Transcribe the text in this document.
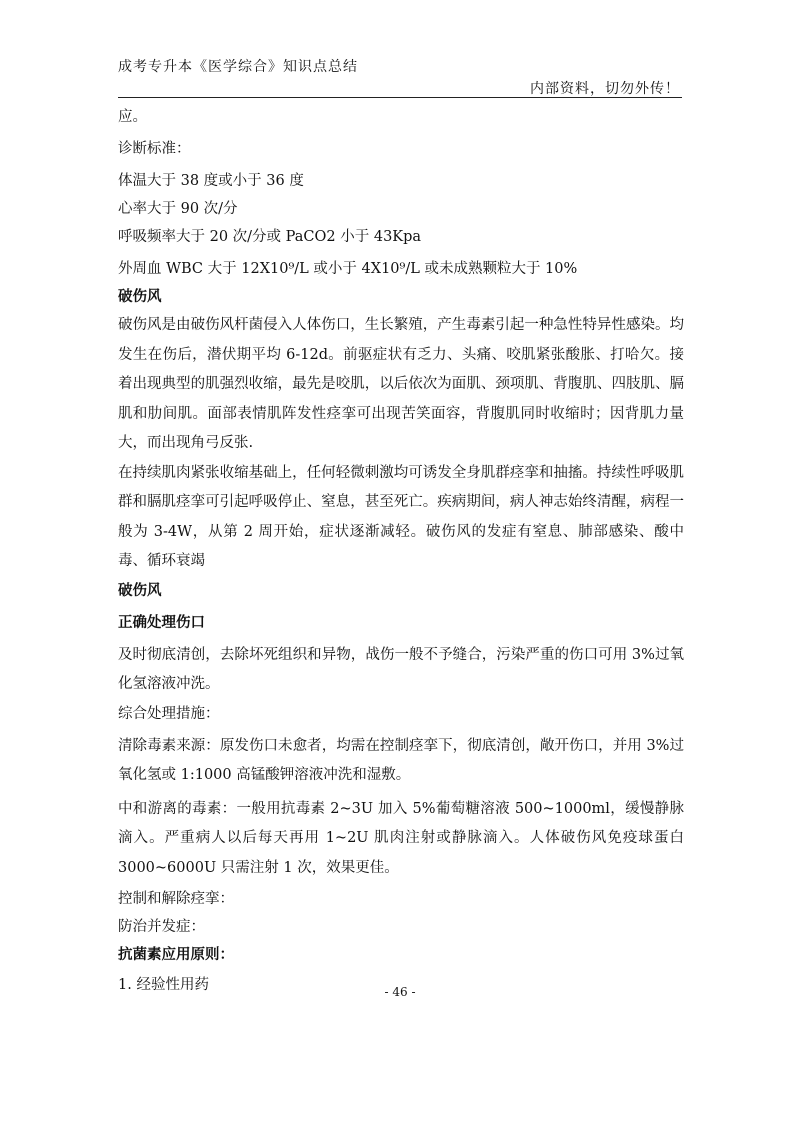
成考专升本《医学综合》知识点总结
内部资料，切勿外传！

应。

诊断标准：

体温大于 38 度或小于 36 度

心率大于 90 次/分

呼吸频率大于 20 次/分或 PaCO2 小于 43Kpa

外周血 WBC 大于 12X10⁹/L 或小于 4X10⁹/L 或未成熟颗粒大于 10%

破伤风

破伤风是由破伤风杆菌侵入人体伤口，生长繁殖，产生毒素引起一种急性特异性感染。均发生在伤后，潜伏期平均 6-12d。前驱症状有乏力、头痛、咬肌紧张酸胀、打哈欠。接着出现典型的肌强烈收缩，最先是咬肌，以后依次为面肌、颈项肌、背腹肌、四肢肌、膈肌和肋间肌。面部表情肌阵发性痉挛可出现苦笑面容，背腹肌同时收缩时；因背肌力量大，而出现角弓反张.

在持续肌肉紧张收缩基础上，任何轻微刺激均可诱发全身肌群痉挛和抽搐。持续性呼吸肌群和膈肌痉挛可引起呼吸停止、窒息，甚至死亡。疾病期间，病人神志始终清醒，病程一般为 3-4W，从第 2 周开始，症状逐渐减轻。破伤风的发症有窒息、肺部感染、酸中毒、循环衰竭

破伤风

正确处理伤口

及时彻底清创，去除坏死组织和异物，战伤一般不予缝合，污染严重的伤口可用 3%过氧化氢溶液冲洗。

综合处理措施：

清除毒素来源：原发伤口未愈者，均需在控制痉挛下，彻底清创，敞开伤口，并用 3%过氧化氢或 1:1000 高锰酸钾溶液冲洗和湿敷。

中和游离的毒素：一般用抗毒素 2~3U 加入 5%葡萄糖溶液 500~1000ml，缓慢静脉滴入。严重病人以后每天再用 1~2U 肌肉注射或静脉滴入。人体破伤风免疫球蛋白 3000~6000U 只需注射 1 次，效果更佳。

控制和解除痉挛：

防治并发症：

抗菌素应用原则：

1. 经验性用药	- 46 -
